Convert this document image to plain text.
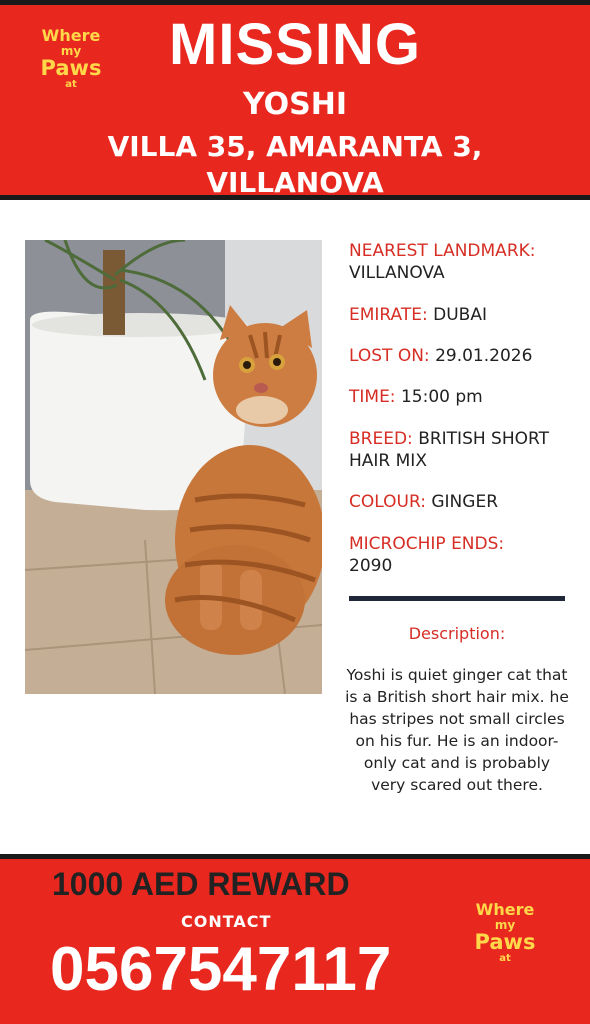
MISSING
YOSHI
VILLA 35, AMARANTA 3,
VILLANOVA
Where
my
Paws
at
NEAREST LANDMARK:
VILLANOVA
EMIRATE: DUBAI
LOST ON: 29.01.2026
TIME: 15:00 pm
BREED: BRITISH SHORT HAIR MIX
COLOUR: GINGER
MICROCHIP ENDS:
2090
Description:
Yoshi is quiet ginger cat that is a British short hair mix. he has stripes not small circles on his fur. He is an indoor-only cat and is probably very scared out there.
1000 AED REWARD
CONTACT
0567547117
Where
my
Paws
at
